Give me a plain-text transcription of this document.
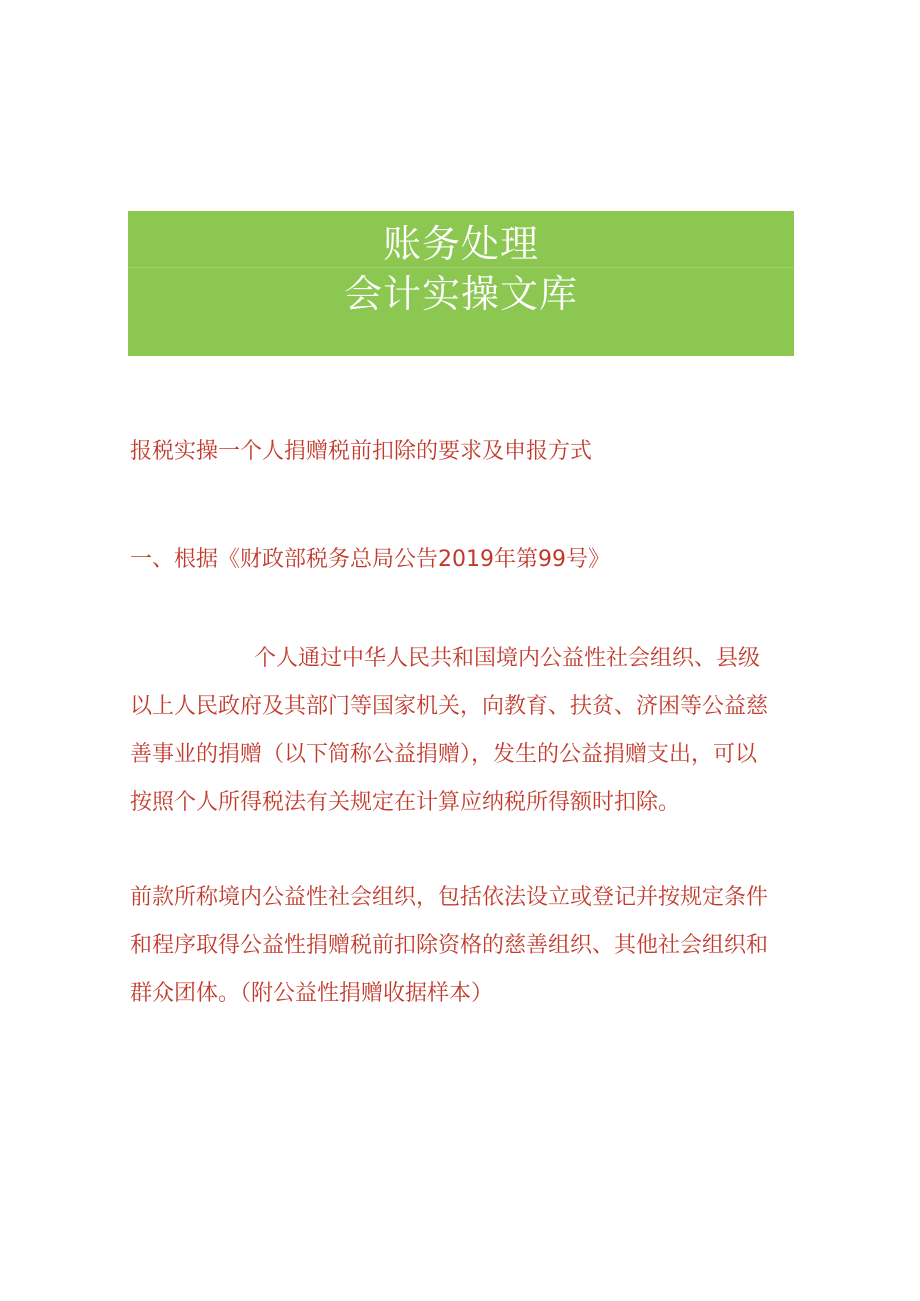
账务处理
会计实操文库
报税实操一个人捐赠税前扣除的要求及申报方式
一、根据《财政部税务总局公告2019年第99号》
个人通过中华人民共和国境内公益性社会组织、县级
以上人民政府及其部门等国家机关，向教育、扶贫、济困等公益慈
善事业的捐赠（以下简称公益捐赠），发生的公益捐赠支出，可以
按照个人所得税法有关规定在计算应纳税所得额时扣除。
前款所称境内公益性社会组织，包括依法设立或登记并按规定条件
和程序取得公益性捐赠税前扣除资格的慈善组织、其他社会组织和
群众团体。（附公益性捐赠收据样本）
